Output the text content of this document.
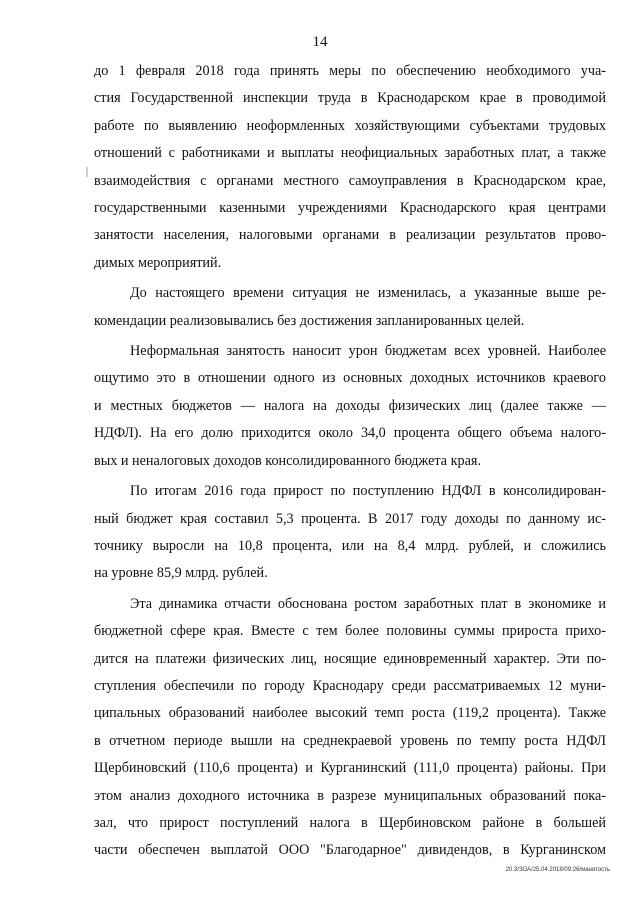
14
до 1 февраля 2018 года принять меры по обеспечению необходимого уча-
стия Государственной инспекции труда в Краснодарском крае в проводимой
работе по выявлению неоформленных хозяйствующими субъектами трудовых
отношений с работниками и выплаты неофициальных заработных плат, а также
взаимодействия с органами местного самоуправления в Краснодарском крае,
государственными казенными учреждениями Краснодарского края центрами
занятости населения, налоговыми органами в реализации результатов прово-
димых мероприятий.
До настоящего времени ситуация не изменилась, а указанные выше ре-
комендации реализовывались без достижения запланированных целей.
Неформальная занятость наносит урон бюджетам всех уровней. Наиболее
ощутимо это в отношении одного из основных доходных источников краевого
и местных бюджетов — налога на доходы физических лиц (далее также —
НДФЛ). На его долю приходится около 34,0 процента общего объема налого-
вых и неналоговых доходов консолидированного бюджета края.
По итогам 2016 года прирост по поступлению НДФЛ в консолидирован-
ный бюджет края составил 5,3 процента. В 2017 году доходы по данному ис-
точнику выросли на 10,8 процента, или на 8,4 млрд. рублей, и сложились
на уровне 85,9 млрд. рублей.
Эта динамика отчасти обоснована ростом заработных плат в экономике и
бюджетной сфере края. Вместе с тем более половины суммы прироста прихо-
дится на платежи физических лиц, носящие единовременный характер. Эти по-
ступления обеспечили по городу Краснодару среди рассматриваемых 12 муни-
ципальных образований наиболее высокий темп роста (119,2 процента). Также
в отчетном периоде вышли на среднекраевой уровень по темпу роста НДФЛ
Щербиновский (110,6 процента) и Курганинский (111,0 процента) районы. При
этом анализ доходного источника в разрезе муниципальных образований пока-
зал, что прирост поступлений налога в Щербиновском районе в большей
части обеспечен выплатой ООО "Благодарное" дивидендов, в Курганинском
20.3/ЗОА/25.04.2018/09:26/манятость
